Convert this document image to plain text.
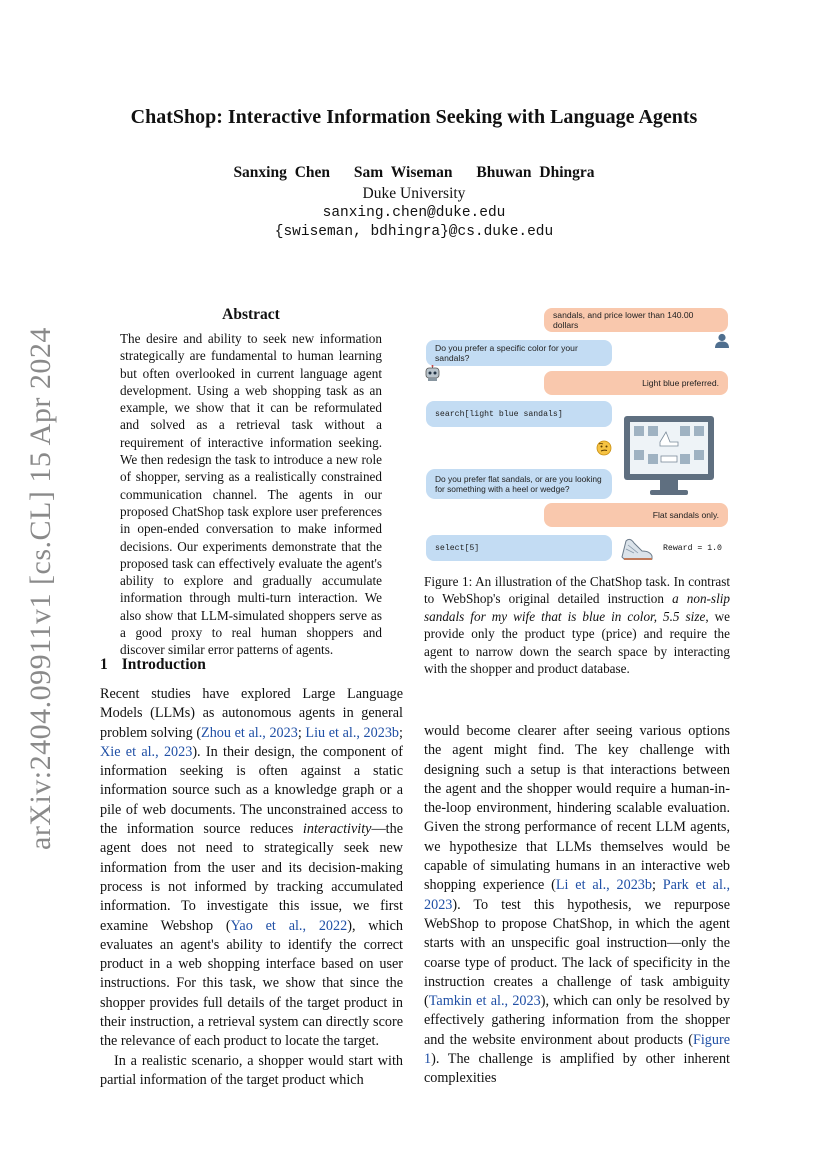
arXiv:2404.09911v1 [cs.CL] 15 Apr 2024
ChatShop: Interactive Information Seeking with Language Agents
Sanxing Chen Sam Wiseman Bhuwan Dhingra
Duke University
sanxing.chen@duke.edu
{swiseman, bdhingra}@cs.duke.edu
Abstract
The desire and ability to seek new information strategically are fundamental to human learning but often overlooked in current language agent development. Using a web shopping task as an example, we show that it can be reformulated and solved as a retrieval task without a requirement of interactive information seeking. We then redesign the task to introduce a new role of shopper, serving as a realistically constrained communication channel. The agents in our proposed ChatShop task explore user preferences in open-ended conversation to make informed decisions. Our experiments demonstrate that the proposed task can effectively evaluate the agent's ability to explore and gradually accumulate information through multi-turn interaction. We also show that LLM-simulated shoppers serve as a good proxy to real human shoppers and discover similar error patterns of agents.
1 Introduction

Recent studies have explored Large Language Models (LLMs) as autonomous agents in general problem solving (Zhou et al., 2023; Liu et al., 2023b; Xie et al., 2023). In their design, the component of information seeking is often against a static information source such as a knowledge graph or a pile of web documents. The unconstrained access to the information source reduces interactivity—the agent does not need to strategically seek new information from the user and its decision-making process is not informed by tracking accumulated information. To investigate this issue, we first examine Webshop (Yao et al., 2022), which evaluates an agent's ability to identify the correct product in a web shopping interface based on user instructions. For this task, we show that since the shopper provides full details of the target product in their instruction, a retrieval system can directly score the relevance of each product to locate the target.

In a realistic scenario, a shopper would start with partial information of the target product which

would become clearer after seeing various options the agent might find. The key challenge with designing such a setup is that interactions between the agent and the shopper would require a human-in-the-loop environment, hindering scalable evaluation. Given the strong performance of recent LLM agents, we hypothesize that LLMs themselves would be capable of simulating humans in an interactive web shopping experience (Li et al., 2023b; Park et al., 2023). To test this hypothesis, we repurpose WebShop to propose ChatShop, in which the agent starts with an unspecific goal instruction—only the coarse type of product. The lack of specificity in the instruction creates a challenge of task ambiguity (Tamkin et al., 2023), which can only be resolved by effectively gathering information from the shopper and the website environment about products (Figure 1). The challenge is amplified by other inherent complexities

sandals, and price lower than 140.00 dollars
Do you prefer a specific color for your sandals?
Light blue preferred.
search[light blue sandals]
Do you prefer flat sandals, or are you looking for something with a heel or wedge?
Flat sandals only.
select[5]	Reward = 1.0
Figure 1: An illustration of the ChatShop task. In contrast to WebShop's original detailed instruction a non-slip sandals for my wife that is blue in color, 5.5 size, we provide only the product type (price) and require the agent to narrow down the search space by interacting with the shopper and product database.
